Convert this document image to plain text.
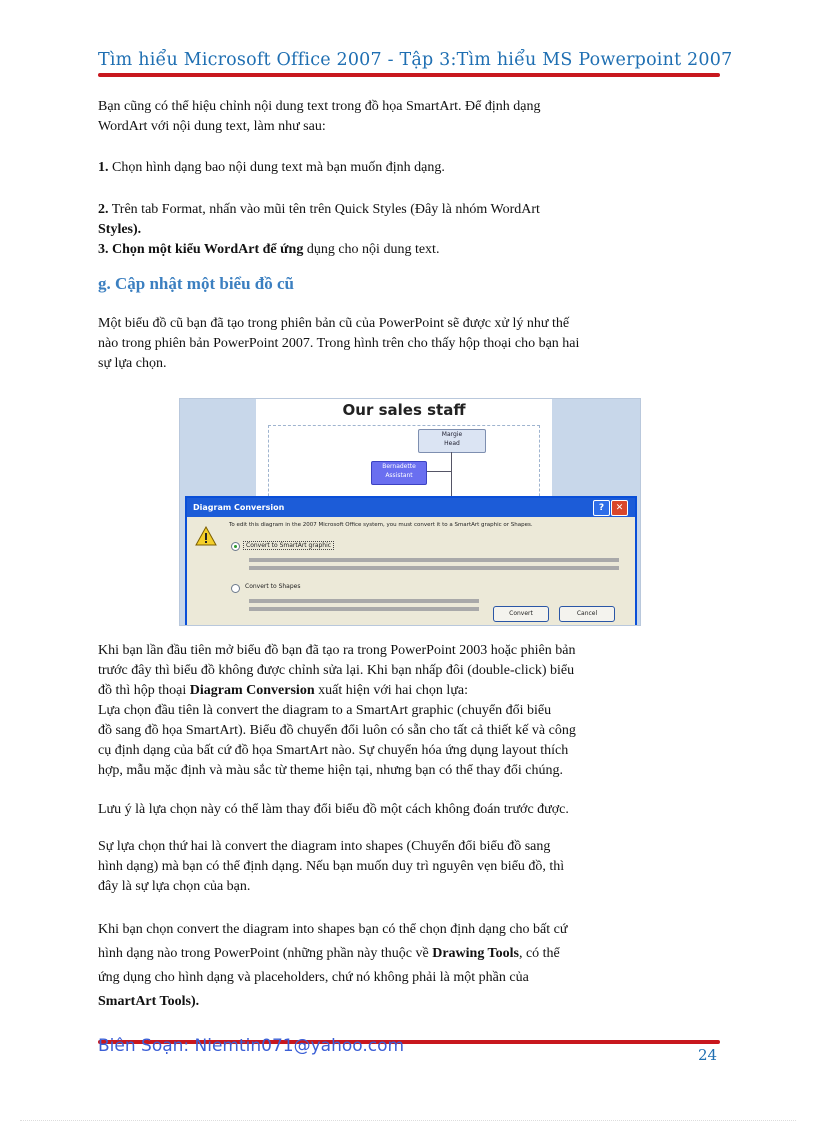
Tìm hiểu Microsoft Office 2007 - Tập 3:Tìm hiểu MS Powerpoint 2007

Bạn cũng có thể hiệu chỉnh nội dung text trong đồ họa SmartArt. Để định dạng
WordArt với nội dung text, làm như sau:

1. Chọn hình dạng bao nội dung text mà bạn muốn định dạng.

2. Trên tab Format, nhấn vào mũi tên trên Quick Styles (Đây là nhóm WordArt
Styles).

3. Chọn một kiểu WordArt để ứng dụng cho nội dung text.

g. Cập nhật một biểu đồ cũ

Một biểu đồ cũ bạn đã tạo trong phiên bản cũ của PowerPoint sẽ được xử lý như thế
nào trong phiên bản PowerPoint 2007. Trong hình trên cho thấy hộp thoại cho bạn hai
sự lựa chọn.

Our sales staff
Margie
Head
Bernadette
Assistant
Diagram Conversion	?	✕
To edit this diagram in the 2007 Microsoft Office system, you must convert it to a SmartArt graphic or Shapes.
Convert to SmartArt graphic
Convert to Shapes
Convert	Cancel

Khi bạn lần đầu tiên mở biểu đồ bạn đã tạo ra trong PowerPoint 2003 hoặc phiên bản
trước đây thì biểu đồ không được chỉnh sửa lại. Khi bạn nhấp đôi (double-click) biểu
đồ thì hộp thoại Diagram Conversion xuất hiện với hai chọn lựa:
Lựa chọn đầu tiên là convert the diagram to a SmartArt graphic (chuyển đổi biểu
đồ sang đồ họa SmartArt). Biểu đồ chuyển đổi luôn có sẵn cho tất cả thiết kế và công
cụ định dạng của bất cứ đồ họa SmartArt nào. Sự chuyển hóa ứng dụng layout thích
hợp, mẫu mặc định và màu sắc từ theme hiện tại, nhưng bạn có thể thay đổi chúng.

Lưu ý là lựa chọn này có thể làm thay đổi biểu đồ một cách không đoán trước được.

Sự lựa chọn thứ hai là convert the diagram into shapes (Chuyển đổi biểu đồ sang
hình dạng) mà bạn có thể định dạng. Nếu bạn muốn duy trì nguyên vẹn biểu đồ, thì
đây là sự lựa chọn của bạn.

Khi bạn chọn convert the diagram into shapes bạn có thể chọn định dạng cho bất cứ
hình dạng nào trong PowerPoint (những phần này thuộc về Drawing Tools, có thể
ứng dụng cho hình dạng và placeholders, chứ nó không phải là một phần của
SmartArt Tools).

Biên Soạn: Niemtin071@yahoo.com	24
